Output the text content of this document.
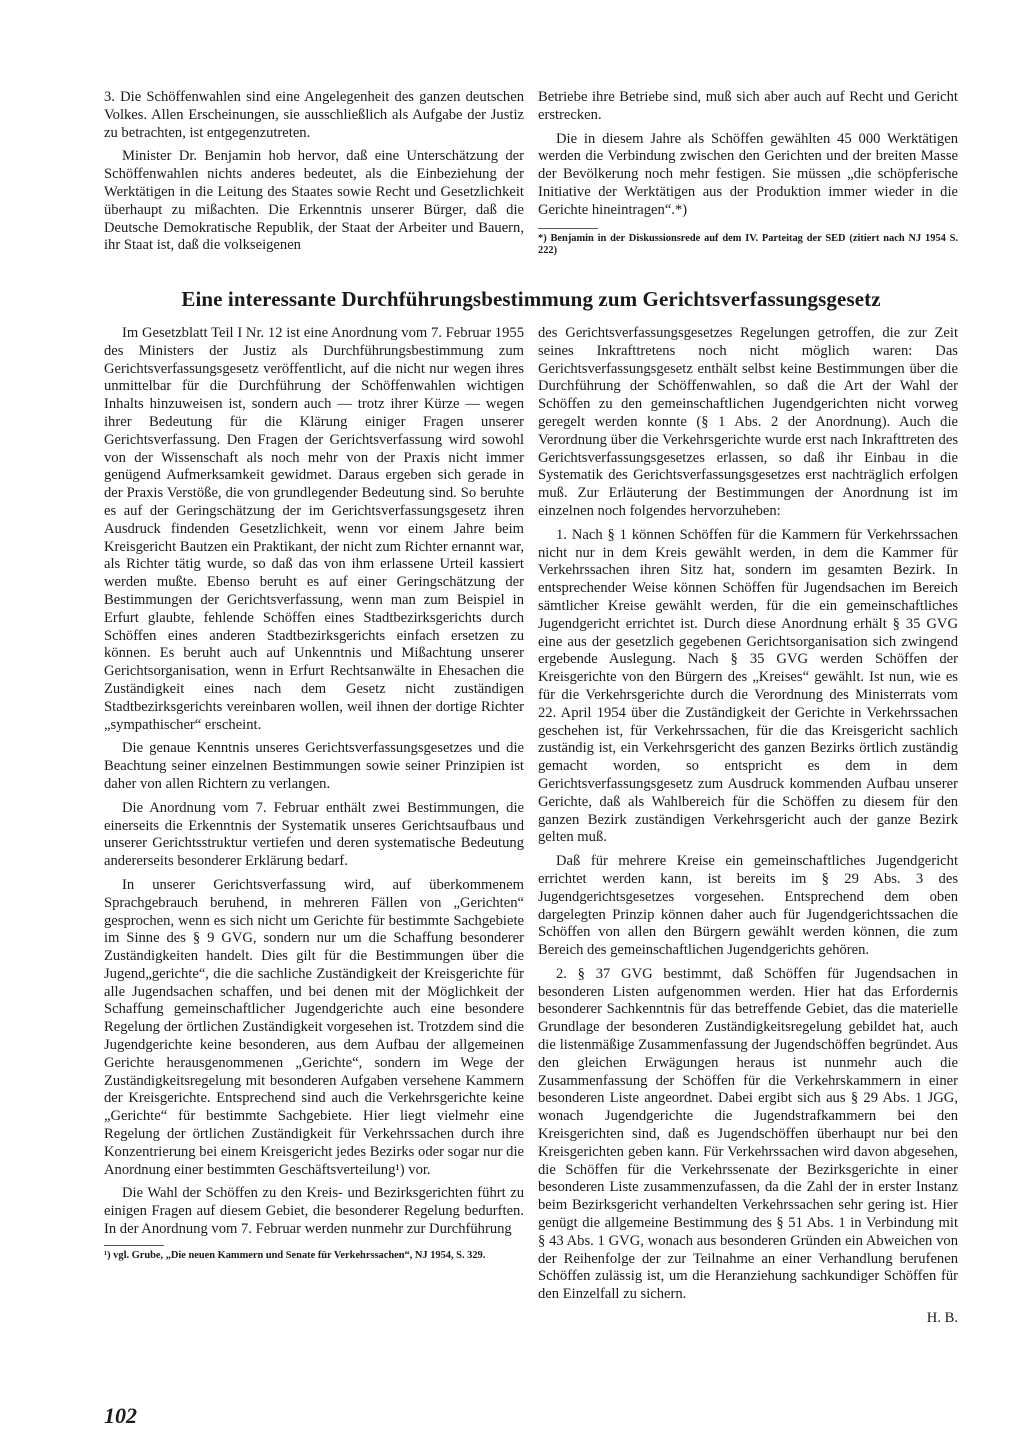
3. Die Schöffenwahlen sind eine Angelegenheit des ganzen deutschen Volkes. Allen Erscheinungen, sie ausschließlich als Aufgabe der Justiz zu betrachten, ist entgegenzutreten.

Minister Dr. Benjamin hob hervor, daß eine Unterschätzung der Schöffenwahlen nichts anderes bedeutet, als die Einbeziehung der Werktätigen in die Leitung des Staates sowie Recht und Gesetzlichkeit überhaupt zu mißachten. Die Erkenntnis unserer Bürger, daß die Deutsche Demokratische Republik, der Staat der Arbeiter und Bauern, ihr Staat ist, daß die volkseigenen

Betriebe ihre Betriebe sind, muß sich aber auch auf Recht und Gericht erstrecken.

Die in diesem Jahre als Schöffen gewählten 45 000 Werktätigen werden die Verbindung zwischen den Gerichten und der breiten Masse der Bevölkerung noch mehr festigen. Sie müssen „die schöpferische Initiative der Werktätigen aus der Produktion immer wieder in die Gerichte hineintragen“.*)

*) Benjamin in der Diskussionsrede auf dem IV. Parteitag der SED (zitiert nach NJ 1954 S. 222)

Eine interessante Durchführungsbestimmung zum Gerichtsverfassungsgesetz

Im Gesetzblatt Teil I Nr. 12 ist eine Anordnung vom 7. Februar 1955 des Ministers der Justiz als Durchführungsbestimmung zum Gerichtsverfassungsgesetz veröffentlicht, auf die nicht nur wegen ihres unmittelbar für die Durchführung der Schöffenwahlen wichtigen Inhalts hinzuweisen ist, sondern auch — trotz ihrer Kürze — wegen ihrer Bedeutung für die Klärung einiger Fragen unserer Gerichtsverfassung. Den Fragen der Gerichtsverfassung wird sowohl von der Wissenschaft als noch mehr von der Praxis nicht immer genügend Aufmerksamkeit gewidmet. Daraus ergeben sich gerade in der Praxis Verstöße, die von grundlegender Bedeutung sind. So beruhte es auf der Geringschätzung der im Gerichtsverfassungsgesetz ihren Ausdruck findenden Gesetzlichkeit, wenn vor einem Jahre beim Kreisgericht Bautzen ein Praktikant, der nicht zum Richter ernannt war, als Richter tätig wurde, so daß das von ihm erlassene Urteil kassiert werden mußte. Ebenso beruht es auf einer Geringschätzung der Bestimmungen der Gerichtsverfassung, wenn man zum Beispiel in Erfurt glaubte, fehlende Schöffen eines Stadtbezirksgerichts durch Schöffen eines anderen Stadtbezirksgerichts einfach ersetzen zu können. Es beruht auch auf Unkenntnis und Mißachtung unserer Gerichtsorganisation, wenn in Erfurt Rechtsanwälte in Ehesachen die Zuständigkeit eines nach dem Gesetz nicht zuständigen Stadtbezirksgerichts vereinbaren wollen, weil ihnen der dortige Richter „sympathischer“ erscheint.

Die genaue Kenntnis unseres Gerichtsverfassungsgesetzes und die Beachtung seiner einzelnen Bestimmungen sowie seiner Prinzipien ist daher von allen Richtern zu verlangen.

Die Anordnung vom 7. Februar enthält zwei Bestimmungen, die einerseits die Erkenntnis der Systematik unseres Gerichtsaufbaus und unserer Gerichtsstruktur vertiefen und deren systematische Bedeutung andererseits besonderer Erklärung bedarf.

In unserer Gerichtsverfassung wird, auf überkommenem Sprachgebrauch beruhend, in mehreren Fällen von „Gerichten“ gesprochen, wenn es sich nicht um Gerichte für bestimmte Sachgebiete im Sinne des § 9 GVG, sondern nur um die Schaffung besonderer Zuständigkeiten handelt. Dies gilt für die Bestimmungen über die Jugend„gerichte“, die die sachliche Zuständigkeit der Kreisgerichte für alle Jugendsachen schaffen, und bei denen mit der Möglichkeit der Schaffung gemeinschaftlicher Jugendgerichte auch eine besondere Regelung der örtlichen Zuständigkeit vorgesehen ist. Trotzdem sind die Jugendgerichte keine besonderen, aus dem Aufbau der allgemeinen Gerichte herausgenommenen „Gerichte“, sondern im Wege der Zuständigkeitsregelung mit besonderen Aufgaben versehene Kammern der Kreisgerichte. Entsprechend sind auch die Verkehrsgerichte keine „Gerichte“ für bestimmte Sachgebiete. Hier liegt vielmehr eine Regelung der örtlichen Zuständigkeit für Verkehrssachen durch ihre Konzentrierung bei einem Kreisgericht jedes Bezirks oder sogar nur die Anordnung einer bestimmten Geschäftsverteilung¹) vor.

Die Wahl der Schöffen zu den Kreis- und Bezirksgerichten führt zu einigen Fragen auf diesem Gebiet, die besonderer Regelung bedurften. In der Anordnung vom 7. Februar werden nunmehr zur Durchführung

¹) vgl. Grube, „Die neuen Kammern und Senate für Verkehrssachen“, NJ 1954, S. 329.

des Gerichtsverfassungsgesetzes Regelungen getroffen, die zur Zeit seines Inkrafttretens noch nicht möglich waren: Das Gerichtsverfassungsgesetz enthält selbst keine Bestimmungen über die Durchführung der Schöffenwahlen, so daß die Art der Wahl der Schöffen zu den gemeinschaftlichen Jugendgerichten nicht vorweg geregelt werden konnte (§ 1 Abs. 2 der Anordnung). Auch die Verordnung über die Verkehrsgerichte wurde erst nach Inkrafttreten des Gerichtsverfassungsgesetzes erlassen, so daß ihr Einbau in die Systematik des Gerichtsverfassungsgesetzes erst nachträglich erfolgen muß. Zur Erläuterung der Bestimmungen der Anordnung ist im einzelnen noch folgendes hervorzuheben:

1. Nach § 1 können Schöffen für die Kammern für Verkehrssachen nicht nur in dem Kreis gewählt werden, in dem die Kammer für Verkehrssachen ihren Sitz hat, sondern im gesamten Bezirk. In entsprechender Weise können Schöffen für Jugendsachen im Bereich sämtlicher Kreise gewählt werden, für die ein gemeinschaftliches Jugendgericht errichtet ist. Durch diese Anordnung erhält § 35 GVG eine aus der gesetzlich gegebenen Gerichtsorganisation sich zwingend ergebende Auslegung. Nach § 35 GVG werden Schöffen der Kreisgerichte von den Bürgern des „Kreises“ gewählt. Ist nun, wie es für die Verkehrsgerichte durch die Verordnung des Ministerrats vom 22. April 1954 über die Zuständigkeit der Gerichte in Verkehrssachen geschehen ist, für Verkehrssachen, für die das Kreisgericht sachlich zuständig ist, ein Verkehrsgericht des ganzen Bezirks örtlich zuständig gemacht worden, so entspricht es dem in dem Gerichtsverfassungsgesetz zum Ausdruck kommenden Aufbau unserer Gerichte, daß als Wahlbereich für die Schöffen zu diesem für den ganzen Bezirk zuständigen Verkehrsgericht auch der ganze Bezirk gelten muß.

Daß für mehrere Kreise ein gemeinschaftliches Jugendgericht errichtet werden kann, ist bereits im § 29 Abs. 3 des Jugendgerichtsgesetzes vorgesehen. Entsprechend dem oben dargelegten Prinzip können daher auch für Jugendgerichtssachen die Schöffen von allen den Bürgern gewählt werden können, die zum Bereich des gemeinschaftlichen Jugendgerichts gehören.

2. § 37 GVG bestimmt, daß Schöffen für Jugendsachen in besonderen Listen aufgenommen werden. Hier hat das Erfordernis besonderer Sachkenntnis für das betreffende Gebiet, das die materielle Grundlage der besonderen Zuständigkeitsregelung gebildet hat, auch die listenmäßige Zusammenfassung der Jugendschöffen begründet. Aus den gleichen Erwägungen heraus ist nunmehr auch die Zusammenfassung der Schöffen für die Verkehrskammern in einer besonderen Liste angeordnet. Dabei ergibt sich aus § 29 Abs. 1 JGG, wonach Jugendgerichte die Jugendstrafkammern bei den Kreisgerichten sind, daß es Jugendschöffen überhaupt nur bei den Kreisgerichten geben kann. Für Verkehrssachen wird davon abgesehen, die Schöffen für die Verkehrssenate der Bezirksgerichte in einer besonderen Liste zusammenzufassen, da die Zahl der in erster Instanz beim Bezirksgericht verhandelten Verkehrssachen sehr gering ist. Hier genügt die allgemeine Bestimmung des § 51 Abs. 1 in Verbindung mit § 43 Abs. 1 GVG, wonach aus besonderen Gründen ein Abweichen von der Reihenfolge der zur Teilnahme an einer Verhandlung berufenen Schöffen zulässig ist, um die Heranziehung sachkundiger Schöffen für den Einzelfall zu sichern.

H. B.

102
